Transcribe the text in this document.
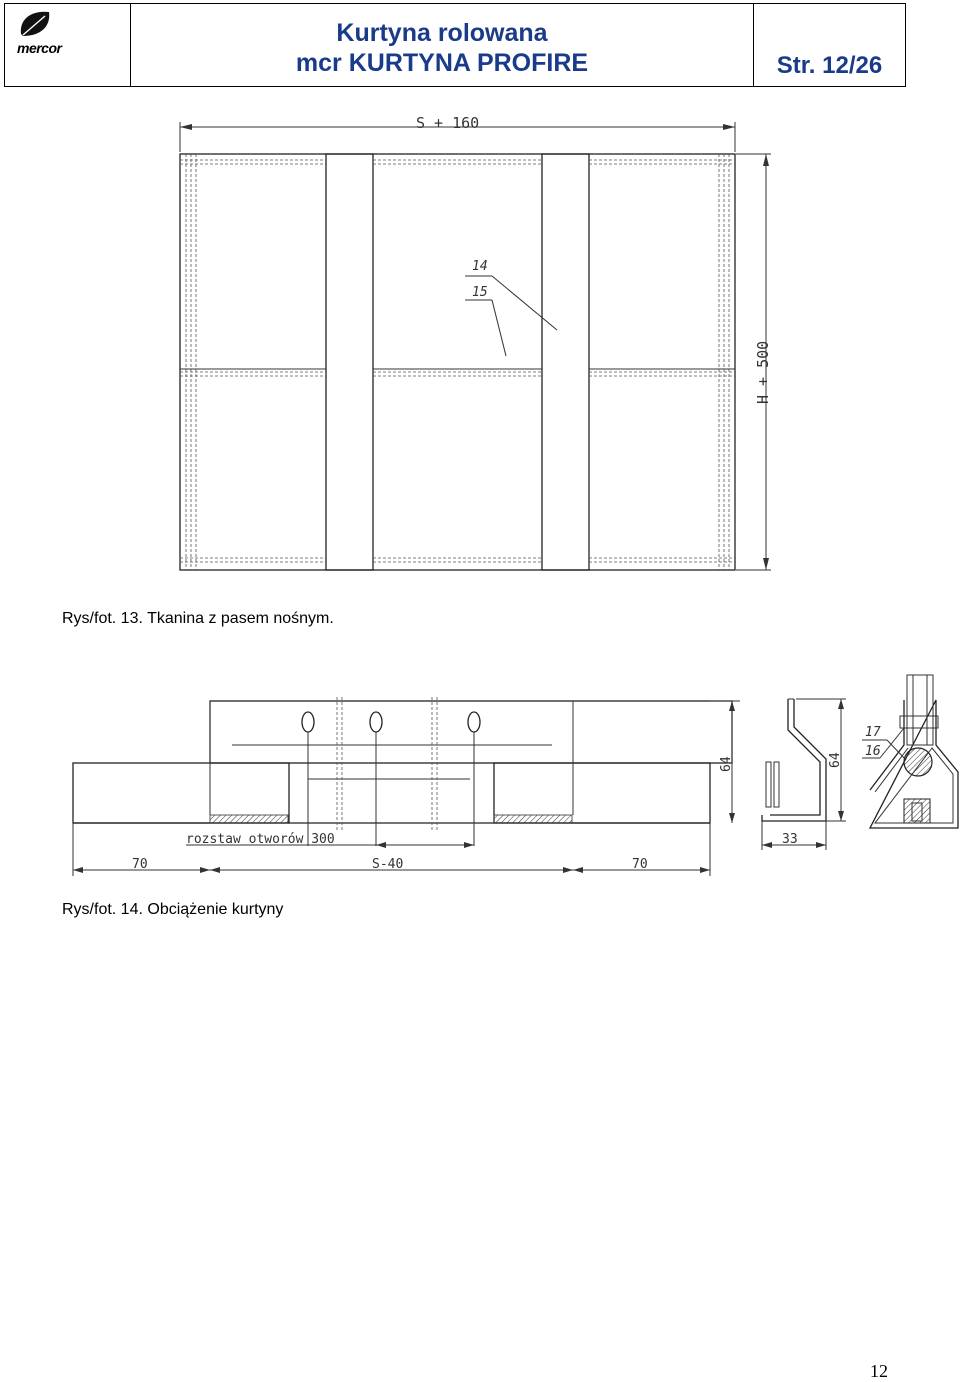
mercor
Kurtyna rolowana
mcr KURTYNA PROFIRE	Str. 12/26
S + 160
H + 500
14
15
Rys/fot. 13. Tkanina z pasem nośnym.
rozstaw otworów 300
70	S-40	70
64	64
33
17
16
Rys/fot. 14. Obciążenie kurtyny
12
